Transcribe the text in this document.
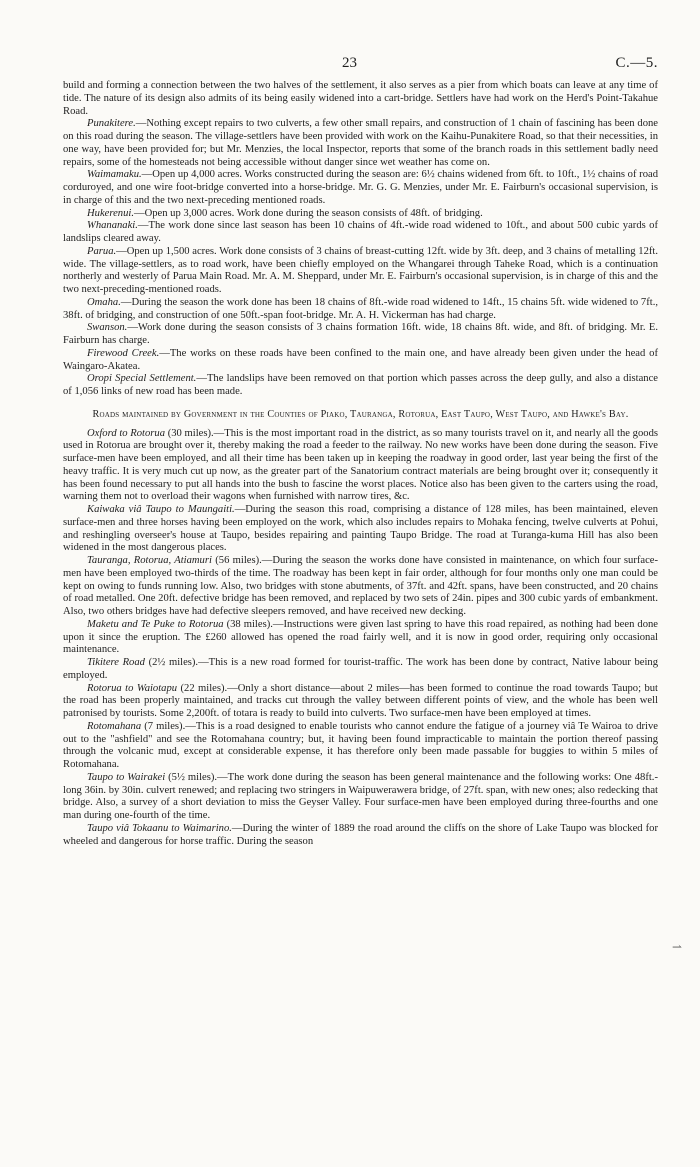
23	C.—5.

build and forming a connection between the two halves of the settlement, it also serves as a pier from which boats can leave at any time of tide. The nature of its design also admits of its being easily widened into a cart-bridge. Settlers have had work on the Herd's Point-Takahue Road.

Punakitere.—Nothing except repairs to two culverts, a few other small repairs, and construction of 1 chain of fascining has been done on this road during the season. The village-settlers have been provided with work on the Kaihu-Punakitere Road, so that their necessities, in one way, have been provided for; but Mr. Menzies, the local Inspector, reports that some of the branch roads in this settlement badly need repairs, some of the homesteads not being accessible without danger since wet weather has come on.

Waimamaku.—Open up 4,000 acres. Works constructed during the season are: 6½ chains widened from 6ft. to 10ft., 1½ chains of road corduroyed, and one wire foot-bridge converted into a horse-bridge. Mr. G. G. Menzies, under Mr. E. Fairburn's occasional supervision, is in charge of this and the two next-preceding mentioned roads.

Hukerenui.—Open up 3,000 acres. Work done during the season consists of 48ft. of bridging.

Whananaki.—The work done since last season has been 10 chains of 4ft.-wide road widened to 10ft., and about 500 cubic yards of landslips cleared away.

Parua.—Open up 1,500 acres. Work done consists of 3 chains of breast-cutting 12ft. wide by 3ft. deep, and 3 chains of metalling 12ft. wide. The village-settlers, as to road work, have been chiefly employed on the Whangarei through Taheke Road, which is a continuation northerly and westerly of Parua Main Road. Mr. A. M. Sheppard, under Mr. E. Fairburn's occasional supervision, is in charge of this and the two next-preceding-mentioned roads.

Omaha.—During the season the work done has been 18 chains of 8ft.-wide road widened to 14ft., 15 chains 5ft. wide widened to 7ft., 38ft. of bridging, and construction of one 50ft.-span foot-bridge. Mr. A. H. Vickerman has had charge.

Swanson.—Work done during the season consists of 3 chains formation 16ft. wide, 18 chains 8ft. wide, and 8ft. of bridging. Mr. E. Fairburn has charge.

Firewood Creek.—The works on these roads have been confined to the main one, and have already been given under the head of Waingaro-Akatea.

Oropi Special Settlement.—The landslips have been removed on that portion which passes across the deep gully, and also a distance of 1,056 links of new road has been made.

Roads maintained by Government in the Counties of Piako, Tauranga, Rotorua, East Taupo, West Taupo, and Hawke's Bay.

Oxford to Rotorua (30 miles).—This is the most important road in the district, as so many tourists travel on it, and nearly all the goods used in Rotorua are brought over it, thereby making the road a feeder to the railway. No new works have been done during the season. Five surface-men have been employed, and all their time has been taken up in keeping the roadway in good order, last year being the first of the heavy traffic. It is very much cut up now, as the greater part of the Sanatorium contract materials are being brought over it; consequently it has been found necessary to put all hands into the bush to fascine the worst places. Notice also has been given to the carters using the road, warning them not to overload their wagons when furnished with narrow tires, &c.

Kaiwaka viâ Taupo to Maungaiti.—During the season this road, comprising a distance of 128 miles, has been maintained, eleven surface-men and three horses having been employed on the work, which also includes repairs to Mohaka fencing, twelve culverts at Pohui, and reshingling overseer's house at Taupo, besides repairing and painting Taupo Bridge. The road at Turanga-kuma Hill has also been widened in the most dangerous places.

Tauranga, Rotorua, Atiamuri (56 miles).—During the season the works done have consisted in maintenance, on which four surface-men have been employed two-thirds of the time. The roadway has been kept in fair order, although for four months only one man could be kept on owing to funds running low. Also, two bridges with stone abutments, of 37ft. and 42ft. spans, have been constructed, and 20 chains of road metalled. One 20ft. defective bridge has been removed, and replaced by two sets of 24in. pipes and 300 cubic yards of embankment. Also, two others bridges have had defective sleepers removed, and have received new decking.

Maketu and Te Puke to Rotorua (38 miles).—Instructions were given last spring to have this road repaired, as nothing had been done upon it since the eruption. The £260 allowed has opened the road fairly well, and it is now in good order, requiring only occasional maintenance.

Tikitere Road (2½ miles).—This is a new road formed for tourist-traffic. The work has been done by contract, Native labour being employed.

Rotorua to Waiotapu (22 miles).—Only a short distance—about 2 miles—has been formed to continue the road towards Taupo; but the road has been properly maintained, and tracks cut through the valley between different points of view, and the whole has been well patronised by tourists. Some 2,200ft. of totara is ready to build into culverts. Two surface-men have been employed at times.

Rotomahana (7 miles).—This is a road designed to enable tourists who cannot endure the fatigue of a journey viâ Te Wairoa to drive out to the "ashfield" and see the Rotomahana country; but, it having been found impracticable to maintain the portion thereof passing through the volcanic mud, except at considerable expense, it has therefore only been made passable for buggies to within 5 miles of Rotomahana.

Taupo to Wairakei (5½ miles).—The work done during the season has been general maintenance and the following works: One 48ft.-long 36in. by 30in. culvert renewed; and replacing two stringers in Waipuwerawera bridge, of 27ft. span, with new ones; also redecking that bridge. Also, a survey of a short deviation to miss the Geyser Valley. Four surface-men have been employed during three-fourths and one man during one-fourth of the time.

Taupo viâ Tokaanu to Waimarino.—During the winter of 1889 the road around the cliffs on the shore of Lake Taupo was blocked for wheeled and dangerous for horse traffic. During the season

⇀
